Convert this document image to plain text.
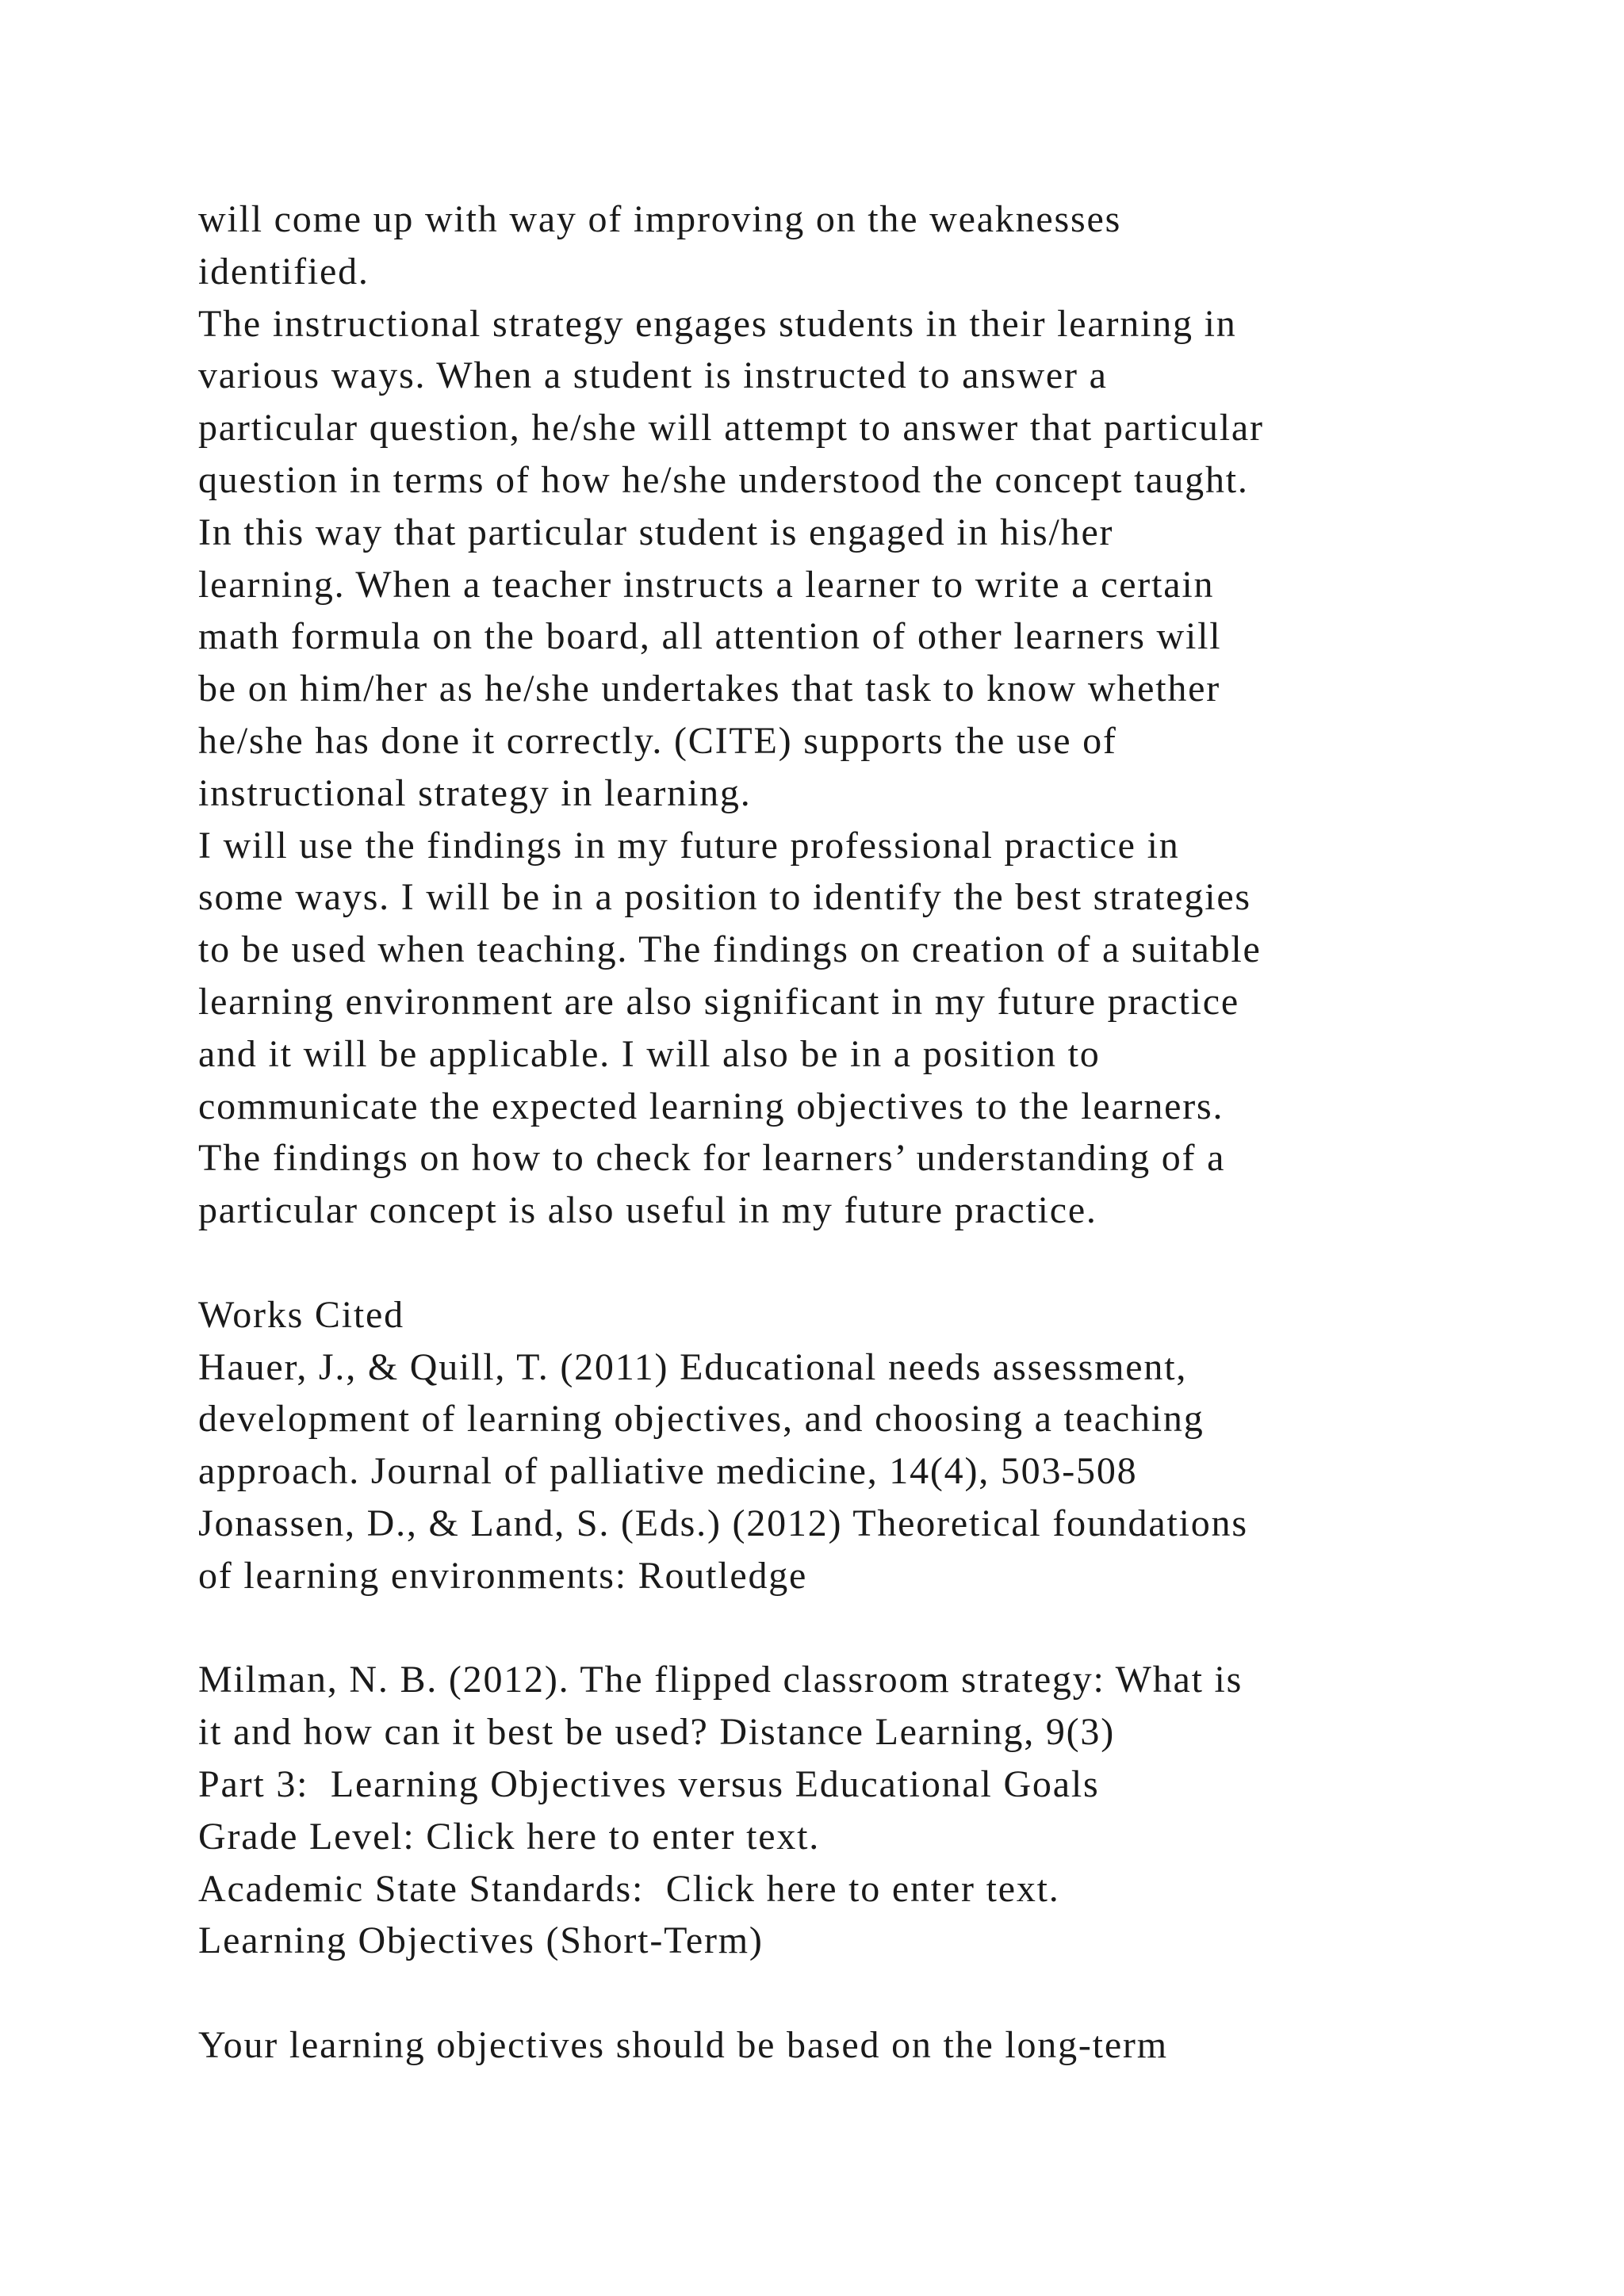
will come up with way of improving on the weaknesses
identified.
The instructional strategy engages students in their learning in
various ways. When a student is instructed to answer a
particular question, he/she will attempt to answer that particular
question in terms of how he/she understood the concept taught.
In this way that particular student is engaged in his/her
learning. When a teacher instructs a learner to write a certain
math formula on the board, all attention of other learners will
be on him/her as he/she undertakes that task to know whether
he/she has done it correctly. (CITE) supports the use of
instructional strategy in learning.
I will use the findings in my future professional practice in
some ways. I will be in a position to identify the best strategies
to be used when teaching. The findings on creation of a suitable
learning environment are also significant in my future practice
and it will be applicable. I will also be in a position to
communicate the expected learning objectives to the learners.
The findings on how to check for learners’ understanding of a
particular concept is also useful in my future practice.
Works Cited
Hauer, J., & Quill, T. (2011) Educational needs assessment,
development of learning objectives, and choosing a teaching
approach. Journal of palliative medicine, 14(4), 503-508
Jonassen, D., & Land, S. (Eds.) (2012) Theoretical foundations
of learning environments: Routledge
Milman, N. B. (2012). The flipped classroom strategy: What is
it and how can it best be used? Distance Learning, 9(3)
Part 3:  Learning Objectives versus Educational Goals
Grade Level: Click here to enter text.
Academic State Standards:  Click here to enter text.
Learning Objectives (Short-Term)
Your learning objectives should be based on the long-term
